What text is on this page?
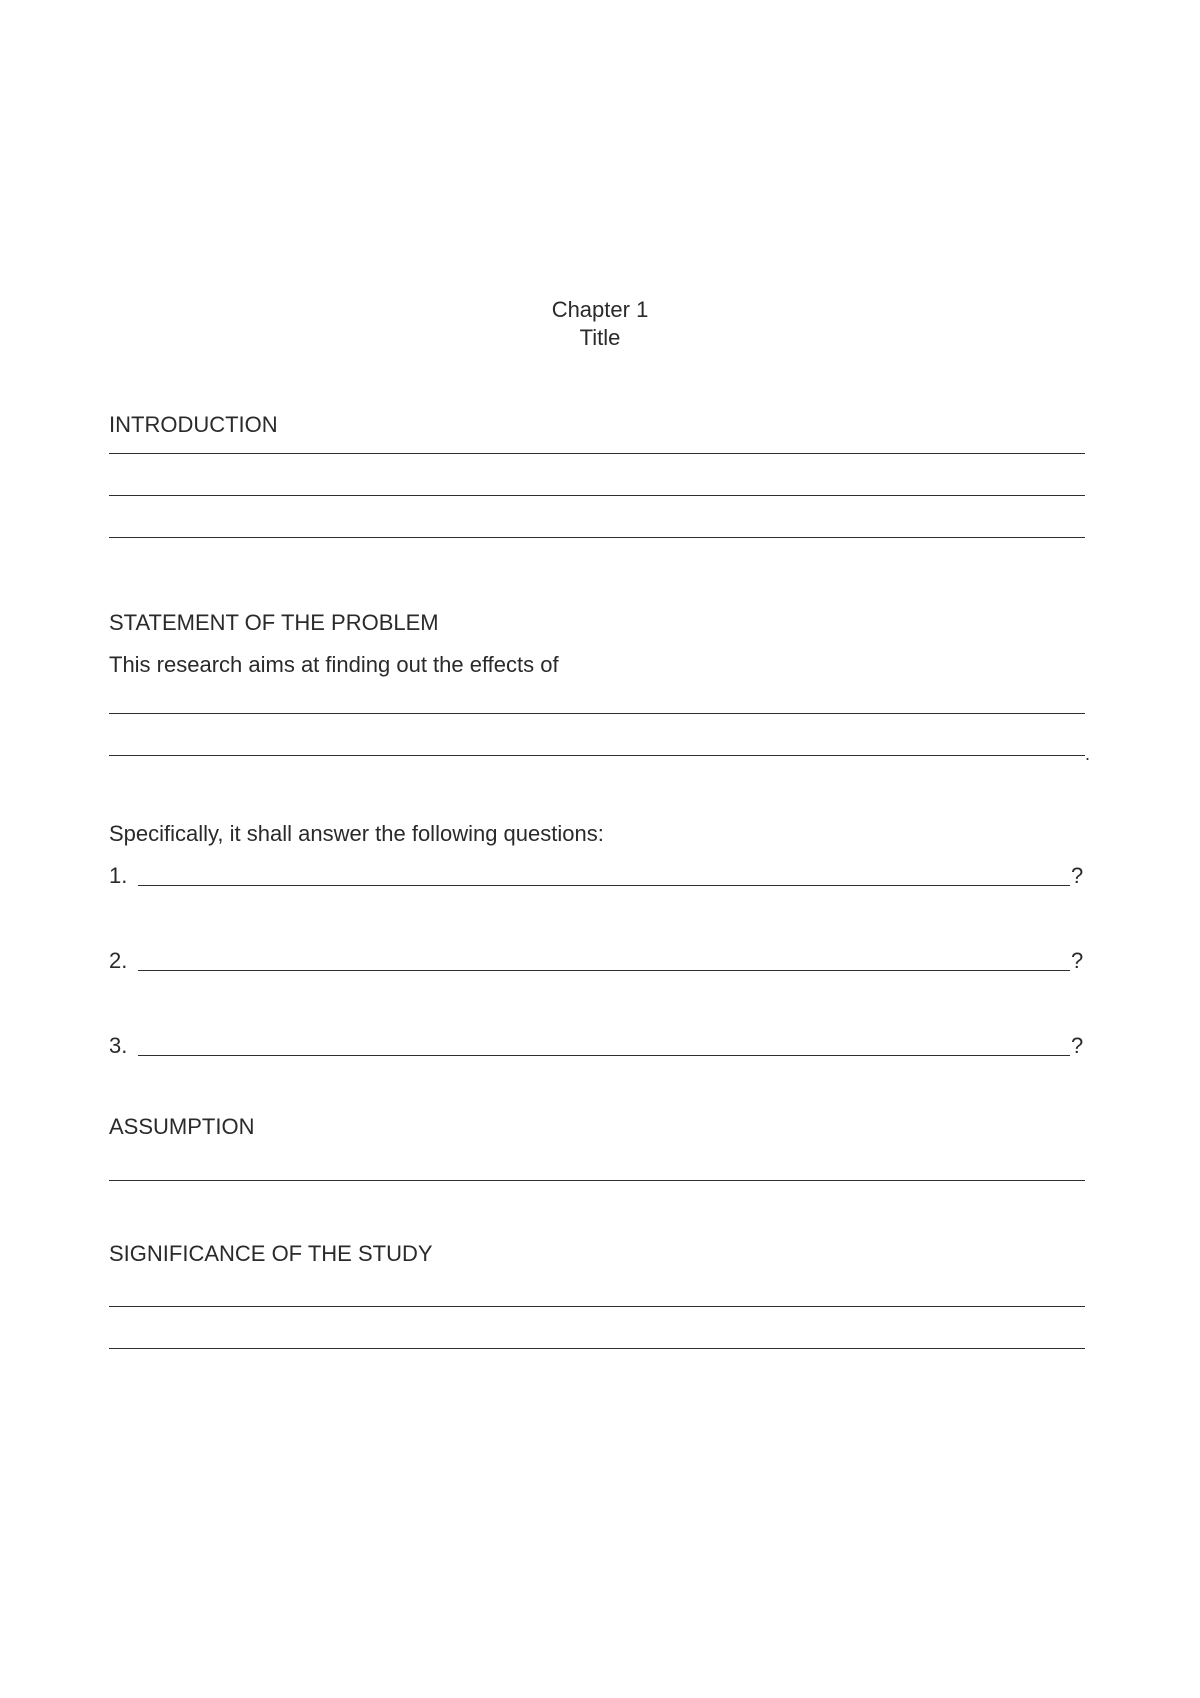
Chapter 1
Title
INTRODUCTION
STATEMENT OF THE PROBLEM
This research aims at finding out the effects of
.
Specifically, it shall answer the following questions:
1.	?
2.	?
3.	?
ASSUMPTION
SIGNIFICANCE OF THE STUDY
